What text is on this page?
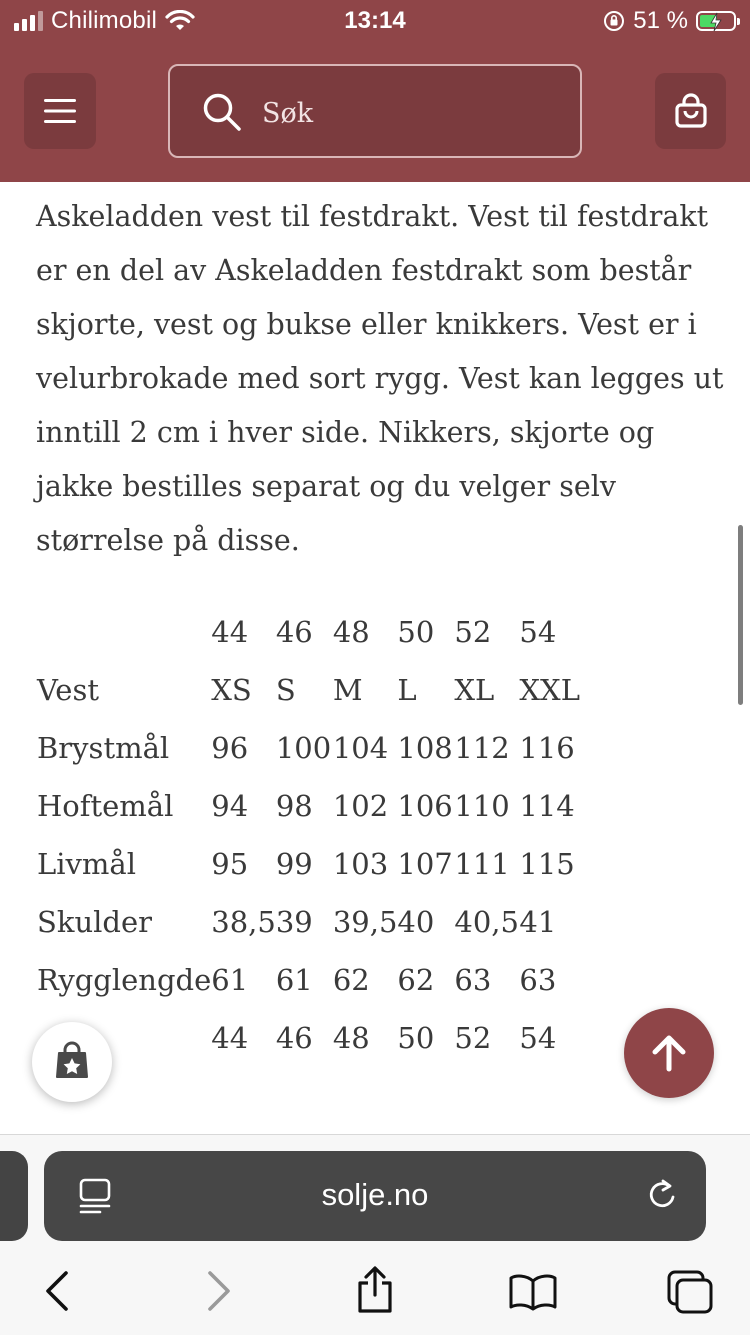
Chilimobil	13:14	51 %
Søk

Askeladden vest til festdrakt. Vest til festdrakt er en del av Askeladden festdrakt som består skjorte, vest og bukse eller knikkers. Vest er i velurbrokade med sort rygg. Vest kan legges ut inntill 2 cm i hver side. Nikkers, skjorte og jakke bestilles separat og du velger selv størrelse på disse.

	44	46	48	50	52	54
Vest	XS	S	M	L	XL	XXL
Brystmål	96	100	104	108	112	116
Hoftemål	94	98	102	106	110	114
Livmål	95	99	103	107	111	115
Skulder	38,5	39	39,5	40	40,5	41
Rygglengde	61	61	62	62	63	63
	44	46	48	50	52	54
solje.no
